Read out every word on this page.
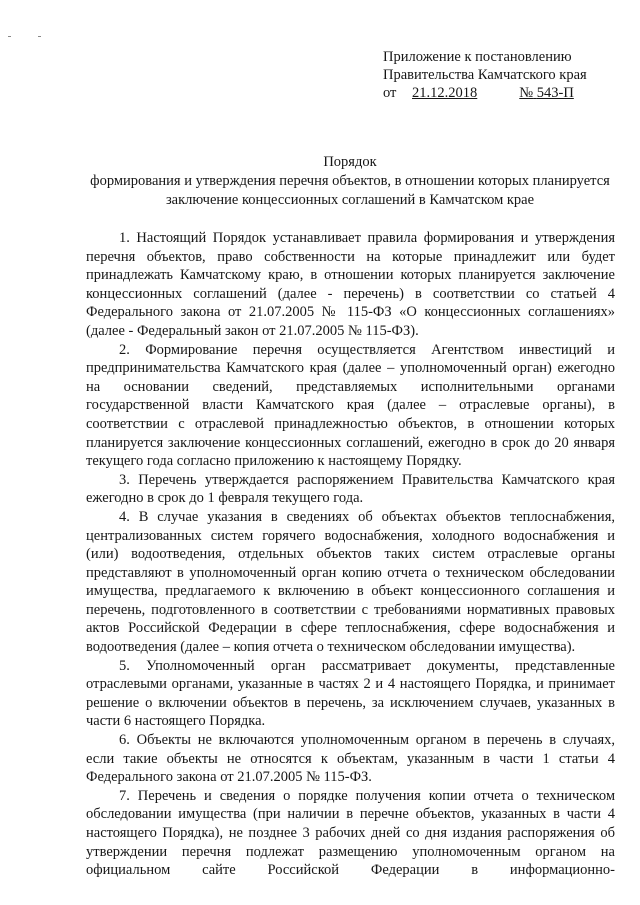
Приложение к постановлению
Правительства Камчатского края
от 21.12.2018	№ 543-П
Порядок
формирования и утверждения перечня объектов, в отношении которых планируется заключение концессионных соглашений в Камчатском крае

1. Настоящий Порядок устанавливает правила формирования и утверждения перечня объектов, право собственности на которые принадлежит или будет принадлежать Камчатскому краю, в отношении которых планируется заключение концессионных соглашений (далее - перечень) в соответствии со статьей 4 Федерального закона от 21.07.2005 № 115-ФЗ «О концессионных соглашениях» (далее - Федеральный закон от 21.07.2005 № 115-ФЗ).

2. Формирование перечня осуществляется Агентством инвестиций и предпринимательства Камчатского края (далее – уполномоченный орган) ежегодно на основании сведений, представляемых исполнительными органами государственной власти Камчатского края (далее – отраслевые органы), в соответствии с отраслевой принадлежностью объектов, в отношении которых планируется заключение концессионных соглашений, ежегодно в срок до 20 января текущего года согласно приложению к настоящему Порядку.

3. Перечень утверждается распоряжением Правительства Камчатского края ежегодно в срок до 1 февраля текущего года.

4. В случае указания в сведениях об объектах объектов теплоснабжения, централизованных систем горячего водоснабжения, холодного водоснабжения и (или) водоотведения, отдельных объектов таких систем отраслевые органы представляют в уполномоченный орган копию отчета о техническом обследовании имущества, предлагаемого к включению в объект концессионного соглашения и перечень, подготовленного в соответствии с требованиями нормативных правовых актов Российской Федерации в сфере теплоснабжения, сфере водоснабжения и водоотведения (далее – копия отчета о техническом обследовании имущества).

5. Уполномоченный орган рассматривает документы, представленные отраслевыми органами, указанные в частях 2 и 4 настоящего Порядка, и принимает решение о включении объектов в перечень, за исключением случаев, указанных в части 6 настоящего Порядка.

6. Объекты не включаются уполномоченным органом в перечень в случаях, если такие объекты не относятся к объектам, указанным в части 1 статьи 4 Федерального закона от 21.07.2005 № 115-ФЗ.

7. Перечень и сведения о порядке получения копии отчета о техническом обследовании имущества (при наличии в перечне объектов, указанных в части 4 настоящего Порядка), не позднее 3 рабочих дней со дня издания распоряжения об утверждении перечня подлежат размещению уполномоченным органом на официальном сайте Российской Федерации в информационно-
